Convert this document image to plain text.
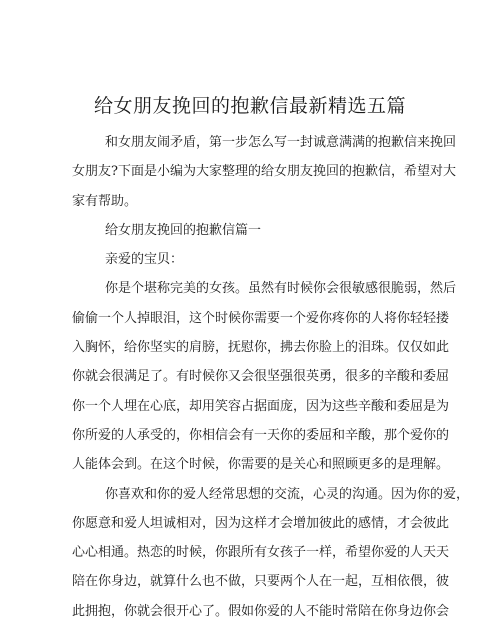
给女朋友挽回的抱歉信最新精选五篇
和女朋友闹矛盾，第一步怎么写一封诚意满满的抱歉信来挽回
女朋友?下面是小编为大家整理的给女朋友挽回的抱歉信，希望对大
家有帮助。
给女朋友挽回的抱歉信篇一
亲爱的宝贝：
你是个堪称完美的女孩。虽然有时候你会很敏感很脆弱，然后
偷偷一个人掉眼泪，这个时候你需要一个爱你疼你的人将你轻轻搂
入胸怀，给你坚实的肩膀，抚慰你，拂去你脸上的泪珠。仅仅如此
你就会很满足了。有时候你又会很坚强很英勇，很多的辛酸和委屈
你一个人埋在心底，却用笑容占据面庞，因为这些辛酸和委屈是为
你所爱的人承受的，你相信会有一天你的委屈和辛酸，那个爱你的
人能体会到。在这个时候，你需要的是关心和照顾更多的是理解。
你喜欢和你的爱人经常思想的交流，心灵的沟通。因为你的爱，
你愿意和爱人坦诚相对，因为这样才会增加彼此的感情，才会彼此
心心相通。热恋的时候，你跟所有女孩子一样，希望你爱的人天天
陪在你身边，就算什么也不做，只要两个人在一起，互相依偎，彼
此拥抱，你就会很开心了。假如你爱的人不能时常陪在你身边你会
